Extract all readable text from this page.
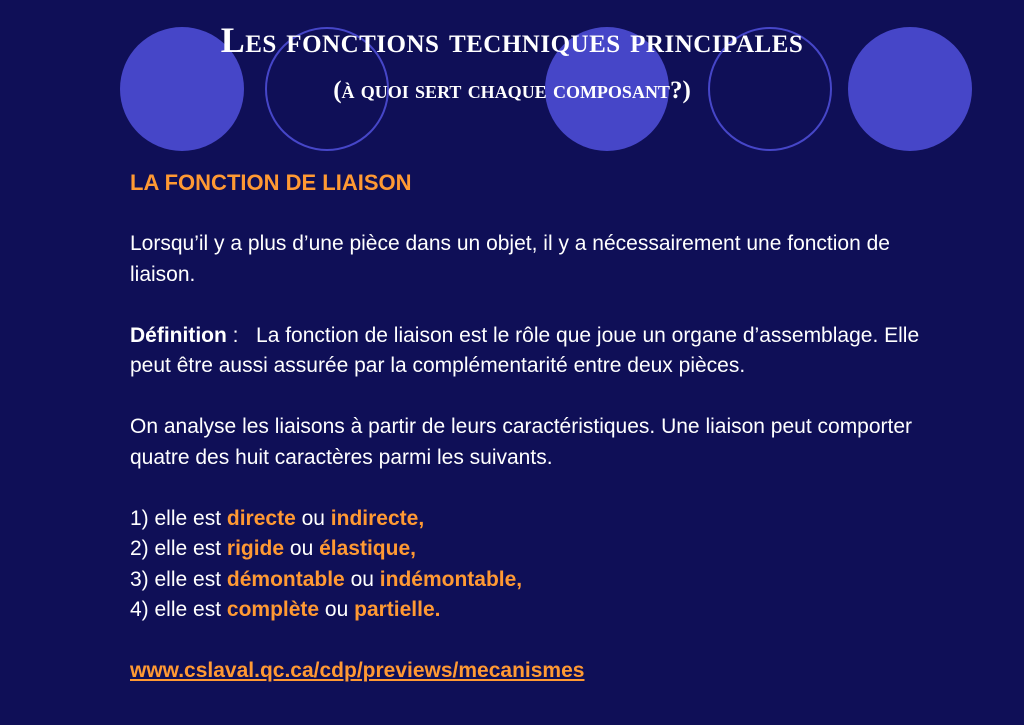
Les fonctions techniques principales
(à quoi sert chaque composant?)
LA FONCTION DE LIAISON
Lorsqu’il y a plus d’une pièce dans un objet, il y a nécessairement une fonction de liaison.
Définition :   La fonction de liaison est le rôle que joue un organe d’assemblage. Elle peut être aussi assurée par la complémentarité entre deux pièces.
On analyse les liaisons à partir de leurs caractéristiques. Une liaison peut comporter quatre des huit caractères parmi les suivants.
1) elle est directe ou indirecte,
2) elle est rigide ou élastique,
3) elle est démontable ou indémontable,
4) elle est complète ou partielle.
www.cslaval.qc.ca/cdp/previews/mecanismes
